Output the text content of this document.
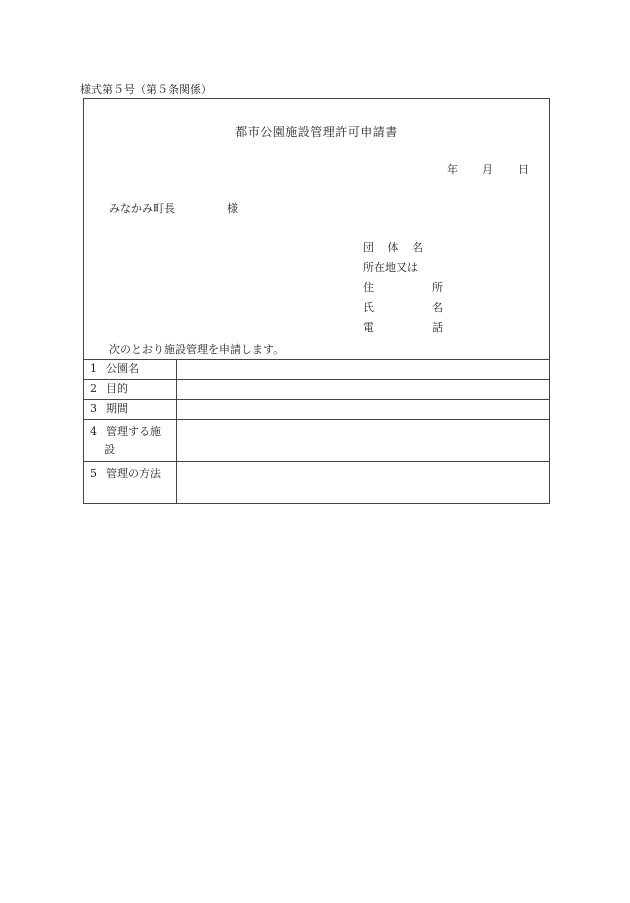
様式第５号（第５条関係）
都市公園施設管理許可申請書
年 月 日
みなかみ町長	様
団 体 名
所在地又は
住	所
氏	名
電	話
次のとおり施設管理を申請します。
1 公園名	
2 目的	
3 期間	
4 管理する施
設	

5 管理の方法	
